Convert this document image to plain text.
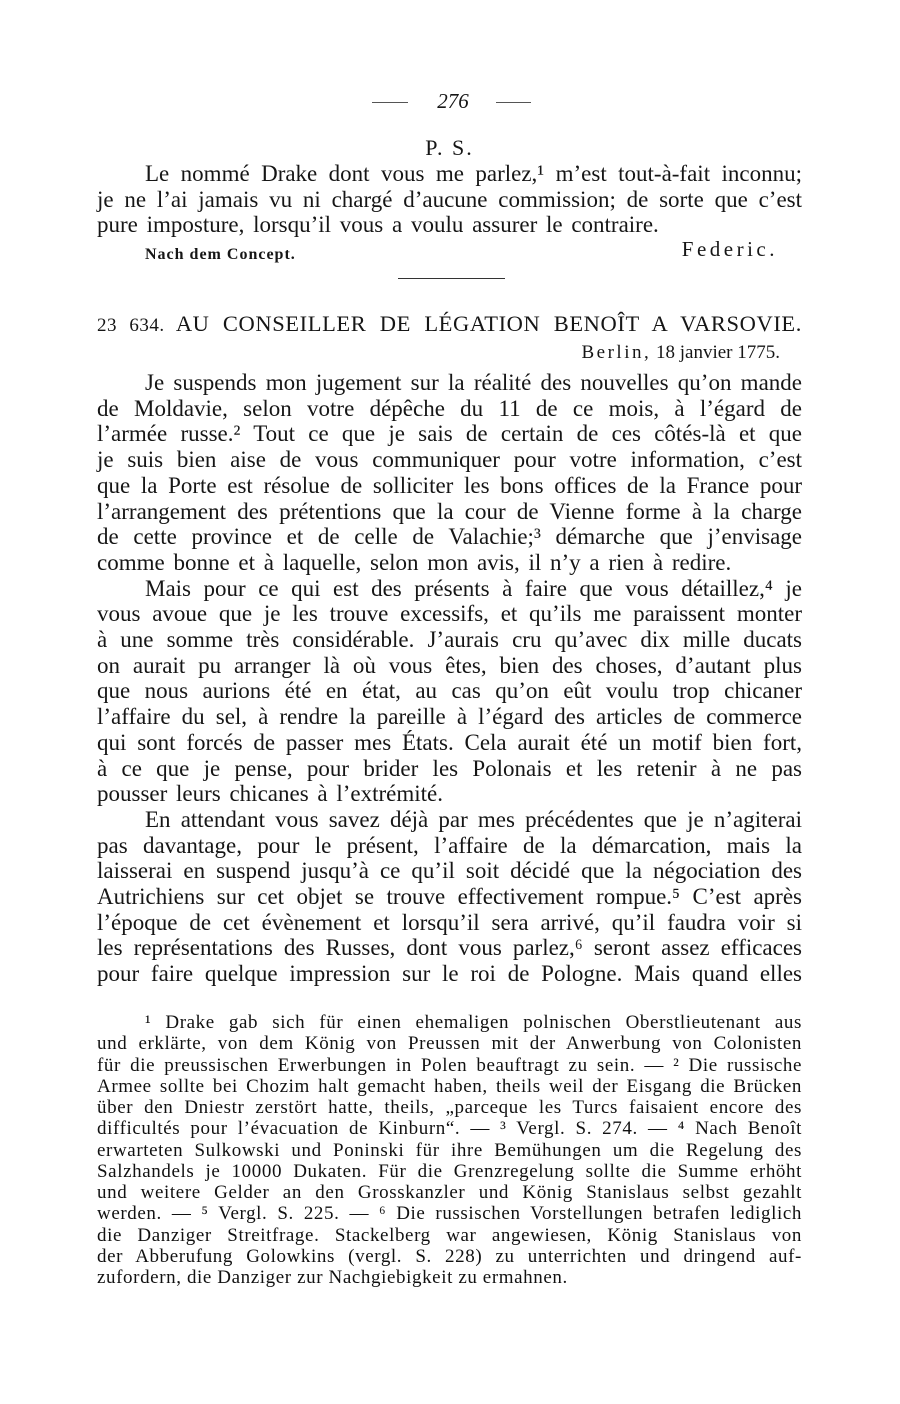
276
P. S.
Le nommé Drake dont vous me parlez,¹ m’est tout-à-fait inconnu;
je ne l’ai jamais vu ni chargé d’aucune commission; de sorte que c’est
pure imposture, lorsqu’il vous a voulu assurer le contraire.
Nach dem Concept.	Federic.
23 634. AU CONSEILLER DE LÉGATION BENOÎT A VARSOVIE.
Berlin, 18 janvier 1775.
Je suspends mon jugement sur la réalité des nouvelles qu’on mande
de Moldavie, selon votre dépêche du 11 de ce mois, à l’égard de
l’armée russe.² Tout ce que je sais de certain de ces côtés-là et que
je suis bien aise de vous communiquer pour votre information, c’est
que la Porte est résolue de solliciter les bons offices de la France pour
l’arrangement des prétentions que la cour de Vienne forme à la charge
de cette province et de celle de Valachie;³ démarche que j’envisage
comme bonne et à laquelle, selon mon avis, il n’y a rien à redire.
Mais pour ce qui est des présents à faire que vous détaillez,⁴ je
vous avoue que je les trouve excessifs, et qu’ils me paraissent monter
à une somme très considérable. J’aurais cru qu’avec dix mille ducats
on aurait pu arranger là où vous êtes, bien des choses, d’autant plus
que nous aurions été en état, au cas qu’on eût voulu trop chicaner
l’affaire du sel, à rendre la pareille à l’égard des articles de commerce
qui sont forcés de passer mes États. Cela aurait été un motif bien fort,
à ce que je pense, pour brider les Polonais et les retenir à ne pas
pousser leurs chicanes à l’extrémité.
En attendant vous savez déjà par mes précédentes que je n’agiterai
pas davantage, pour le présent, l’affaire de la démarcation, mais la
laisserai en suspend jusqu’à ce qu’il soit décidé que la négociation des
Autrichiens sur cet objet se trouve effectivement rompue.⁵ C’est après
l’époque de cet évènement et lorsqu’il sera arrivé, qu’il faudra voir si
les représentations des Russes, dont vous parlez,⁶ seront assez efficaces
pour faire quelque impression sur le roi de Pologne. Mais quand elles
¹ Drake gab sich für einen ehemaligen polnischen Oberstlieutenant aus
und erklärte, von dem König von Preussen mit der Anwerbung von Colonisten
für die preussischen Erwerbungen in Polen beauftragt zu sein. — ² Die russische
Armee sollte bei Chozim halt gemacht haben, theils weil der Eisgang die Brücken
über den Dniestr zerstört hatte, theils, „parceque les Turcs faisaient encore des
difficultés pour l’évacuation de Kinburn“. — ³ Vergl. S. 274. — ⁴ Nach Benoît
erwarteten Sulkowski und Poninski für ihre Bemühungen um die Regelung des
Salzhandels je 10000 Dukaten. Für die Grenzregelung sollte die Summe erhöht
und weitere Gelder an den Grosskanzler und König Stanislaus selbst gezahlt
werden. — ⁵ Vergl. S. 225. — ⁶ Die russischen Vorstellungen betrafen lediglich
die Danziger Streitfrage. Stackelberg war angewiesen, König Stanislaus von
der Abberufung Golowkins (vergl. S. 228) zu unterrichten und dringend auf-
zufordern, die Danziger zur Nachgiebigkeit zu ermahnen.
